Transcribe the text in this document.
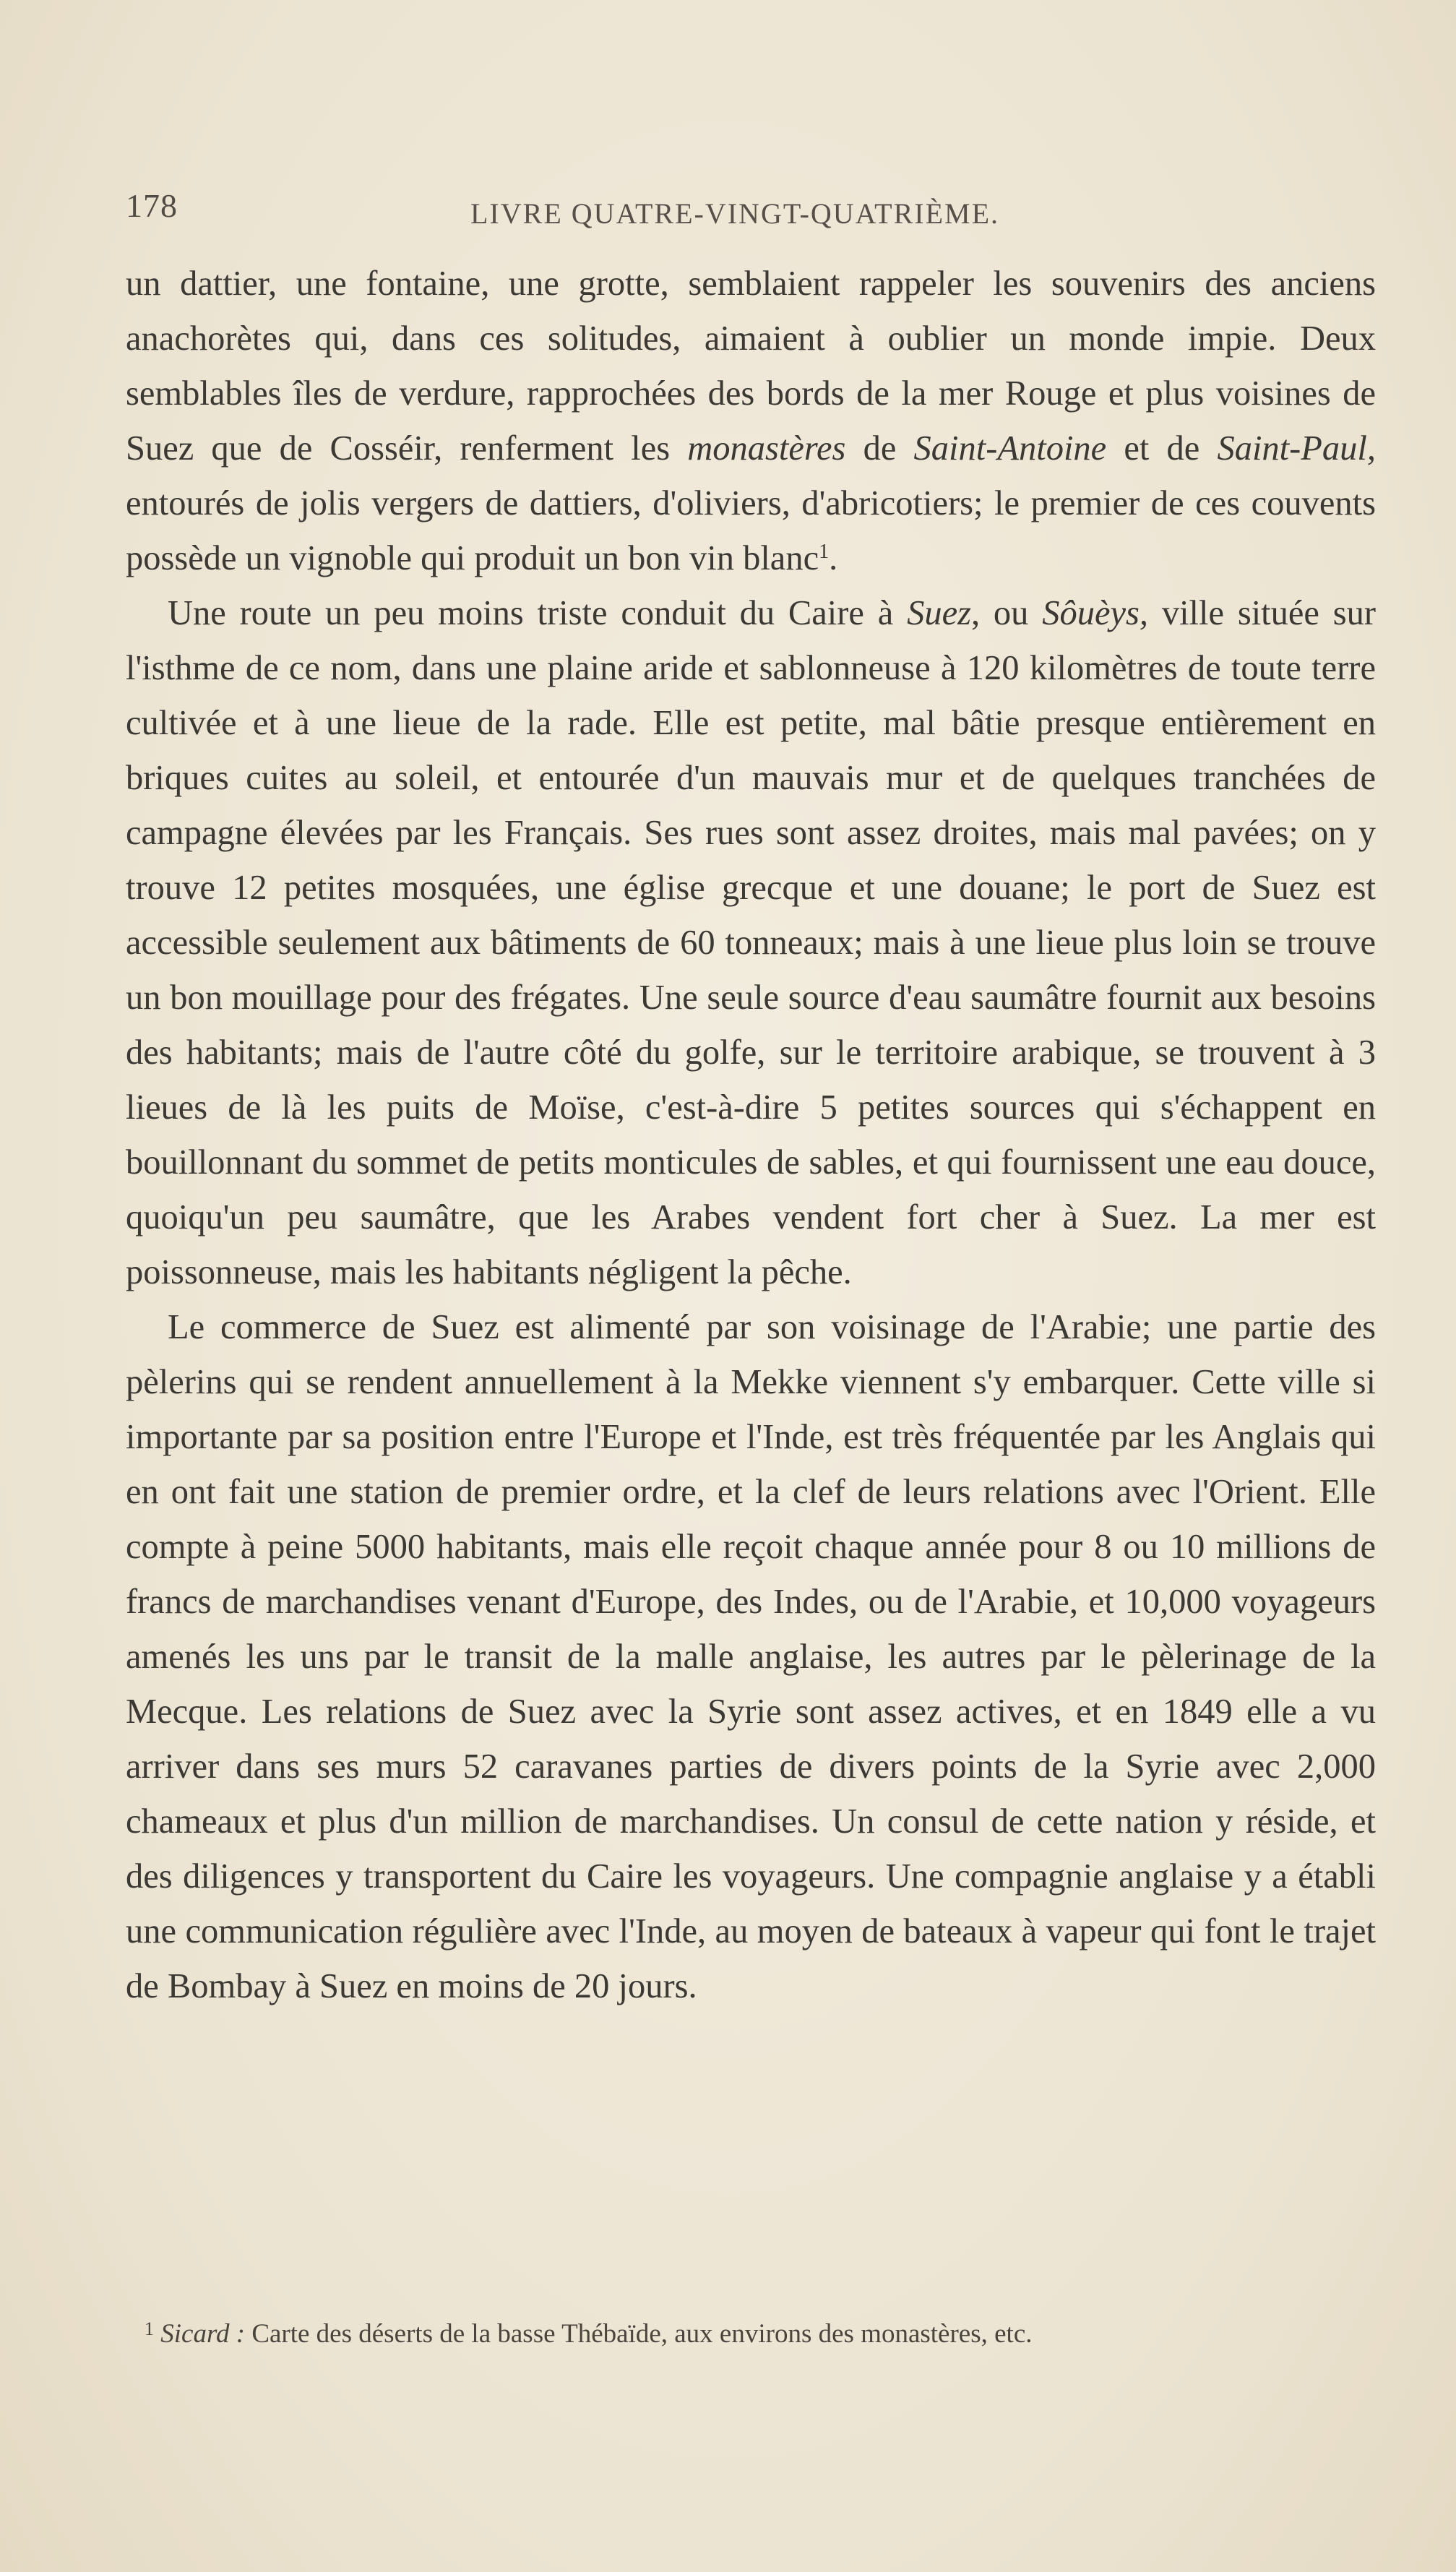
178	LIVRE QUATRE-VINGT-QUATRIÈME.

un dattier, une fontaine, une grotte, semblaient rappeler les souvenirs des anciens anachorètes qui, dans ces solitudes, aimaient à oublier un monde impie. Deux semblables îles de verdure, rapprochées des bords de la mer Rouge et plus voisines de Suez que de Cosséir, renferment les monastères de Saint-Antoine et de Saint-Paul, entourés de jolis vergers de dattiers, d'oliviers, d'abricotiers; le premier de ces couvents possède un vignoble qui produit un bon vin blanc$^1$.

Une route un peu moins triste conduit du Caire à Suez, ou Sôuèys, ville située sur l'isthme de ce nom, dans une plaine aride et sablonneuse à 120 kilomètres de toute terre cultivée et à une lieue de la rade. Elle est petite, mal bâtie presque entièrement en briques cuites au soleil, et entourée d'un mauvais mur et de quelques tranchées de campagne élevées par les Français. Ses rues sont assez droites, mais mal pavées; on y trouve 12 petites mosquées, une église grecque et une douane; le port de Suez est accessible seulement aux bâtiments de 60 tonneaux; mais à une lieue plus loin se trouve un bon mouillage pour des frégates. Une seule source d'eau saumâtre fournit aux besoins des habitants; mais de l'autre côté du golfe, sur le territoire arabique, se trouvent à 3 lieues de là les puits de Moïse, c'est-à-dire 5 petites sources qui s'échappent en bouillonnant du sommet de petits monticules de sables, et qui fournissent une eau douce, quoiqu'un peu saumâtre, que les Arabes vendent fort cher à Suez. La mer est poissonneuse, mais les habitants négligent la pêche.

Le commerce de Suez est alimenté par son voisinage de l'Arabie; une partie des pèlerins qui se rendent annuellement à la Mekke viennent s'y embarquer. Cette ville si importante par sa position entre l'Europe et l'Inde, est très fréquentée par les Anglais qui en ont fait une station de premier ordre, et la clef de leurs relations avec l'Orient. Elle compte à peine 5000 habitants, mais elle reçoit chaque année pour 8 ou 10 millions de francs de marchandises venant d'Europe, des Indes, ou de l'Arabie, et 10,000 voyageurs amenés les uns par le transit de la malle anglaise, les autres par le pèlerinage de la Mecque. Les relations de Suez avec la Syrie sont assez actives, et en 1849 elle a vu arriver dans ses murs 52 caravanes parties de divers points de la Syrie avec 2,000 chameaux et plus d'un million de marchandises. Un consul de cette nation y réside, et des diligences y transportent du Caire les voyageurs. Une compagnie anglaise y a établi une communication régulière avec l'Inde, au moyen de bateaux à vapeur qui font le trajet de Bombay à Suez en moins de 20 jours.

$^1$ Sicard : Carte des déserts de la basse Thébaïde, aux environs des monastères, etc.
